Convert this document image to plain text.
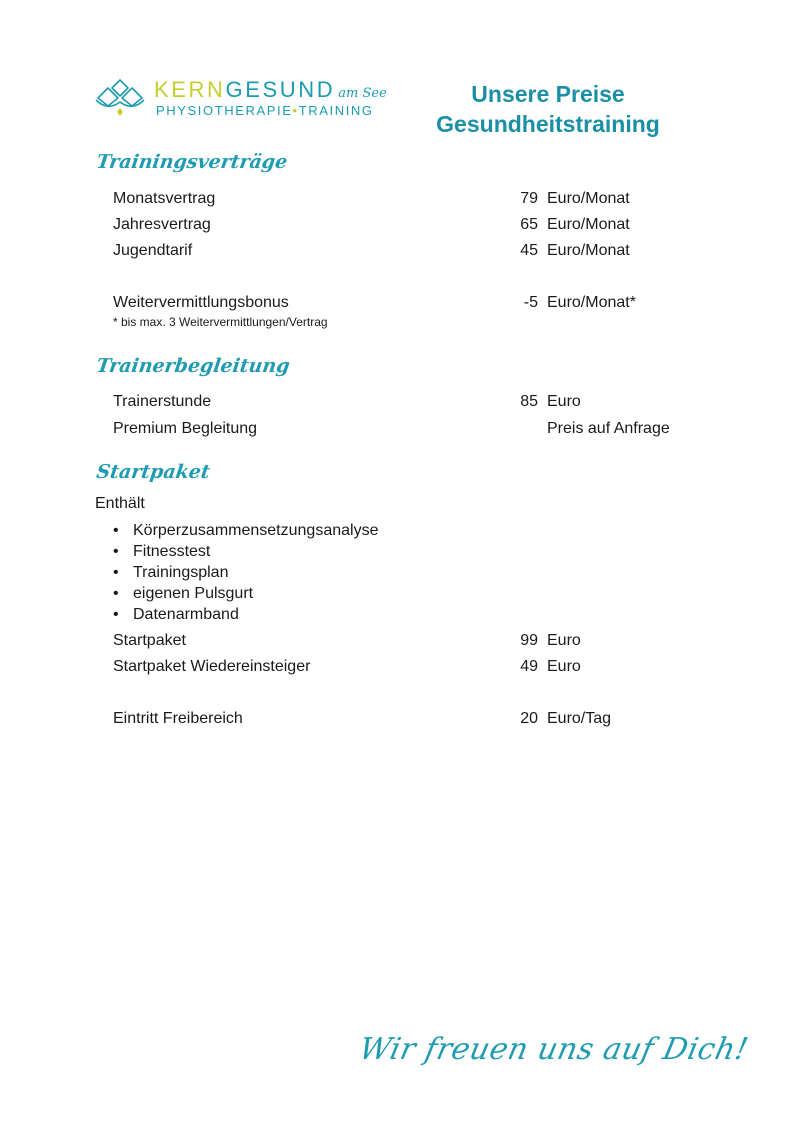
KERNGESUND am See
PHYSIOTHERAPIE•TRAINING
Unsere Preise
Gesundheitstraining
Trainingsverträge
Monatsvertrag	79 Euro/Monat
Jahresvertrag	65 Euro/Monat
Jugendtarif	45 Euro/Monat
Weitervermittlungsbonus	-5 Euro/Monat*
* bis max. 3 Weitervermittlungen/Vertrag
Trainerbegleitung
Trainerstunde	85 Euro
Premium Begleitung	Preis auf Anfrage
Startpaket
Enthält
• Körperzusammensetzungsanalyse
• Fitnesstest
• Trainingsplan
• eigenen Pulsgurt
• Datenarmband
Startpaket	99 Euro
Startpaket Wiedereinsteiger	49 Euro
Eintritt Freibereich	20 Euro/Tag
Wir freuen uns auf Dich!
